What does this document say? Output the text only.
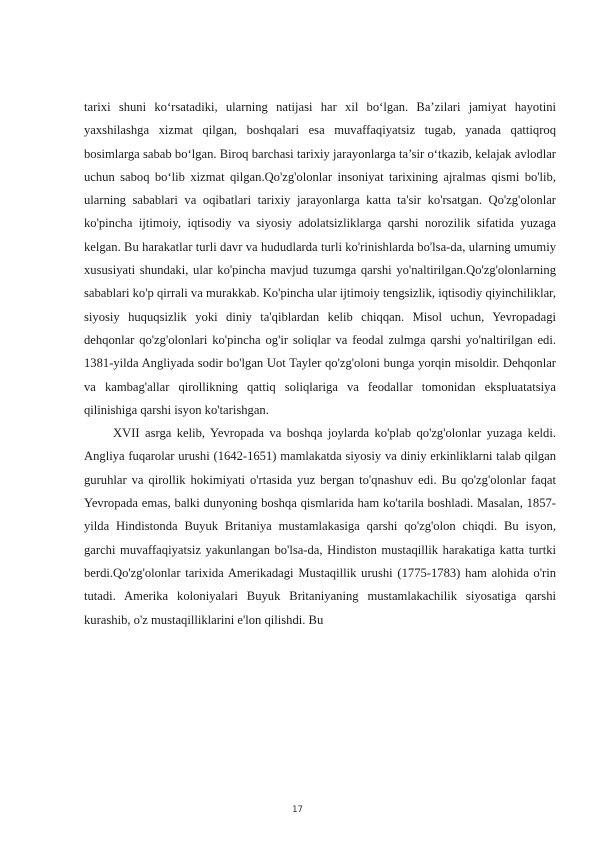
tarixi shuni ko‘rsatadiki, ularning natijasi har xil bo‘lgan. Ba’zilari jamiyat hayotini yaxshilashga xizmat qilgan, boshqalari esa muvaffaqiyatsiz tugab, yanada qattiqroq bosimlarga sabab bo‘lgan. Biroq barchasi tarixiy jarayonlarga ta’sir o‘tkazib, kelajak avlodlar uchun saboq bo‘lib xizmat qilgan.Qo'zg'olonlar insoniyat tarixining ajralmas qismi bo'lib, ularning sabablari va oqibatlari tarixiy jarayonlarga katta ta'sir ko'rsatgan. Qo'zg'olonlar ko'pincha ijtimoiy, iqtisodiy va siyosiy adolatsizliklarga qarshi norozilik sifatida yuzaga kelgan. Bu harakatlar turli davr va hududlarda turli ko'rinishlarda bo'lsa-da, ularning umumiy xususiyati shundaki, ular ko'pincha mavjud tuzumga qarshi yo'naltirilgan.Qo'zg'olonlarning sabablari ko'p qirrali va murakkab. Ko'pincha ular ijtimoiy tengsizlik, iqtisodiy qiyinchiliklar, siyosiy huquqsizlik yoki diniy ta'qiblardan kelib chiqqan. Misol uchun, Yevropadagi dehqonlar qo'zg'olonlari ko'pincha og'ir soliqlar va feodal zulmga qarshi yo'naltirilgan edi. 1381-yilda Angliyada sodir bo'lgan Uot Tayler qo'zg'oloni bunga yorqin misoldir. Dehqonlar va kambag'allar qirollikning qattiq soliqlariga va feodallar tomonidan ekspluatatsiya qilinishiga qarshi isyon ko'tarishgan.

XVII asrga kelib, Yevropada va boshqa joylarda ko'plab qo'zg'olonlar yuzaga keldi. Angliya fuqarolar urushi (1642-1651) mamlakatda siyosiy va diniy erkinliklarni talab qilgan guruhlar va qirollik hokimiyati o'rtasida yuz bergan to'qnashuv edi. Bu qo'zg'olonlar faqat Yevropada emas, balki dunyoning boshqa qismlarida ham ko'tarila boshladi. Masalan, 1857-yilda Hindistonda Buyuk Britaniya mustamlakasiga qarshi qo'zg'olon chiqdi. Bu isyon, garchi muvaffaqiyatsiz yakunlangan bo'lsa-da, Hindiston mustaqillik harakatiga katta turtki berdi.Qo'zg'olonlar tarixida Amerikadagi Mustaqillik urushi (1775-1783) ham alohida o'rin tutadi. Amerika koloniyalari Buyuk Britaniyaning mustamlakachilik siyosatiga qarshi kurashib, o'z mustaqilliklarini e'lon qilishdi. Bu

17
